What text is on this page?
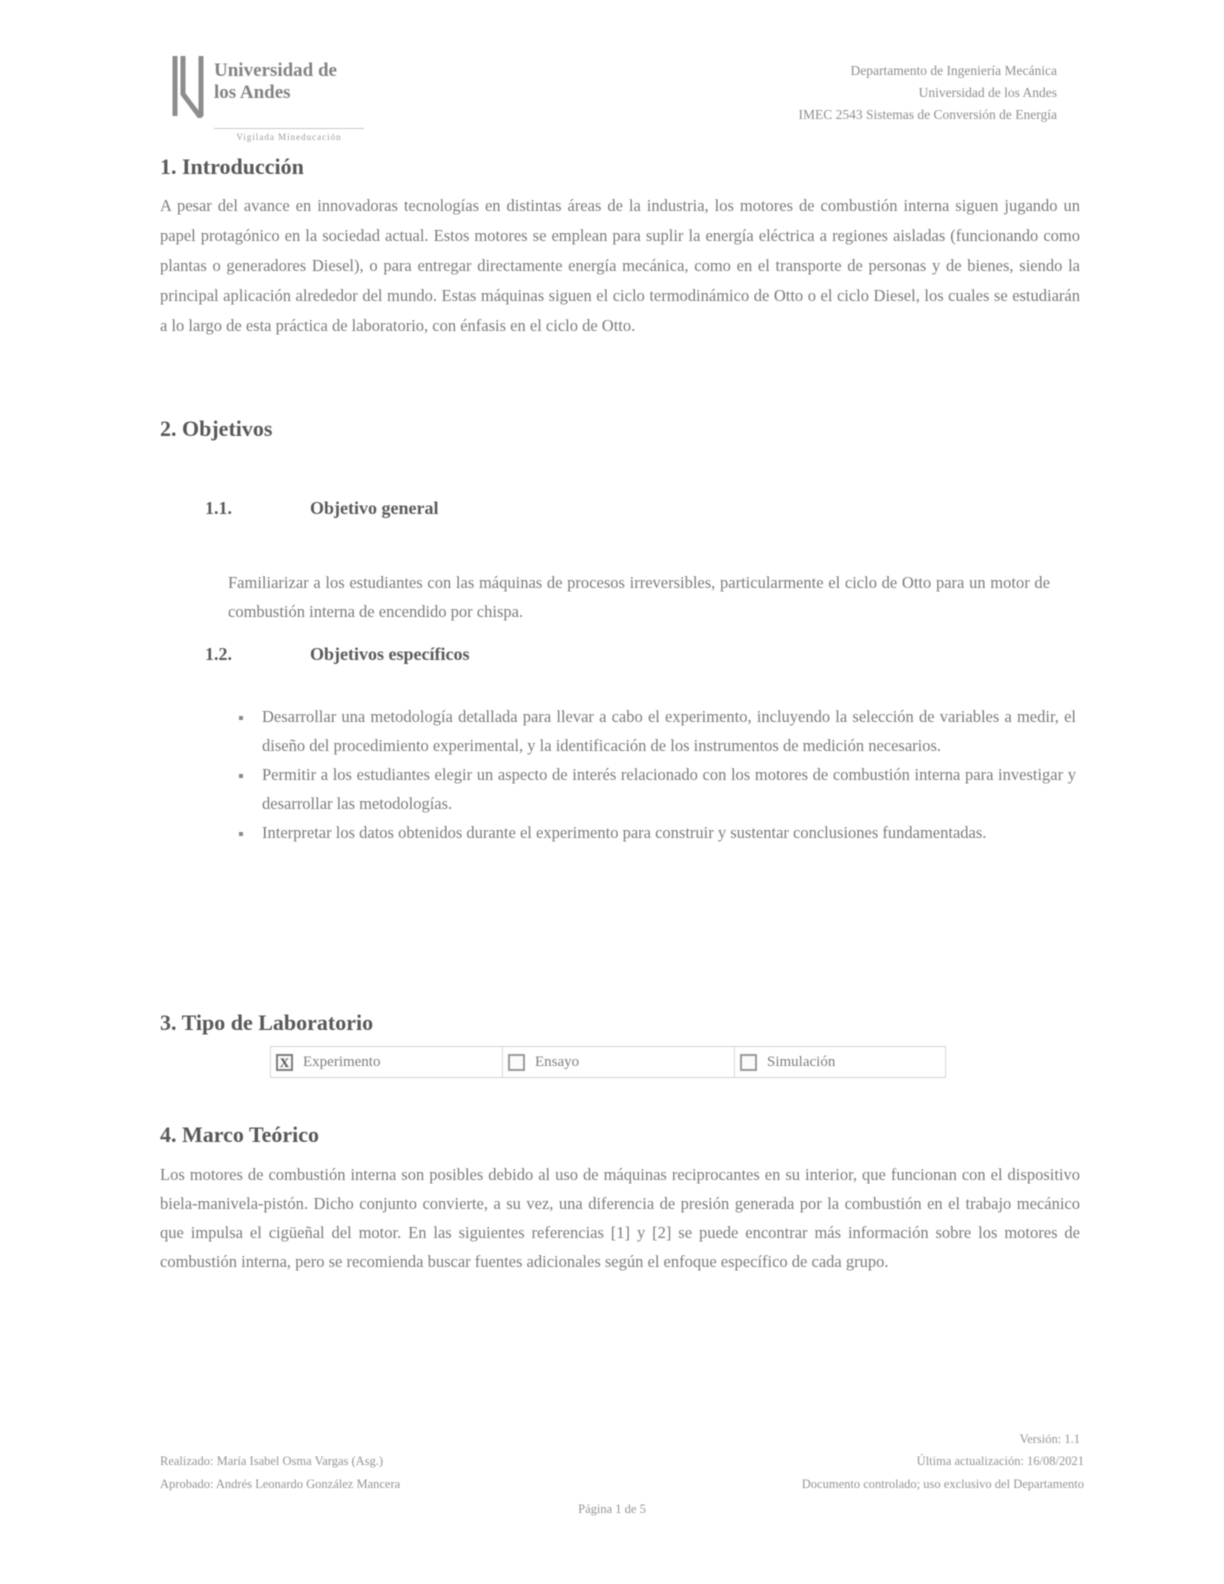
Universidad de
los Andes
Vigilada Mineducación
Departamento de Ingeniería Mecánica
Universidad de los Andes
IMEC 2543 Sistemas de Conversión de Energía
1. Introducción
A pesar del avance en innovadoras tecnologías en distintas áreas de la industria, los motores de combustión interna siguen jugando un papel protagónico en la sociedad actual. Estos motores se emplean para suplir la energía eléctrica a regiones aisladas (funcionando como plantas o generadores Diesel), o para entregar directamente energía mecánica, como en el transporte de personas y de bienes, siendo la principal aplicación alrededor del mundo. Estas máquinas siguen el ciclo termodinámico de Otto o el ciclo Diesel, los cuales se estudiarán a lo largo de esta práctica de laboratorio, con énfasis en el ciclo de Otto.
2. Objetivos
1.1.	Objetivo general
Familiarizar a los estudiantes con las máquinas de procesos irreversibles, particularmente el ciclo de Otto para un motor de combustión interna de encendido por chispa.
1.2.	Objetivos específicos
▪ Desarrollar una metodología detallada para llevar a cabo el experimento, incluyendo la selección de variables a medir, el diseño del procedimiento experimental, y la identificación de los instrumentos de medición necesarios.
▪ Permitir a los estudiantes elegir un aspecto de interés relacionado con los motores de combustión interna para investigar y desarrollar las metodologías.
▪ Interpretar los datos obtenidos durante el experimento para construir y sustentar conclusiones fundamentadas.
3. Tipo de Laboratorio
X Experimento	Ensayo	Simulación
4. Marco Teórico
Los motores de combustión interna son posibles debido al uso de máquinas reciprocantes en su interior, que funcionan con el dispositivo biela-manivela-pistón. Dicho conjunto convierte, a su vez, una diferencia de presión generada por la combustión en el trabajo mecánico que impulsa el cigüeñal del motor. En las siguientes referencias [1] y [2] se puede encontrar más información sobre los motores de combustión interna, pero se recomienda buscar fuentes adicionales según el enfoque específico de cada grupo.
Versión: 1.1
Realizado: María Isabel Osma Vargas (Asg.)
Aprobado: Andrés Leonardo González Mancera
Última actualización: 16/08/2021
Documento controlado; uso exclusivo del Departamento
Página 1 de 5
